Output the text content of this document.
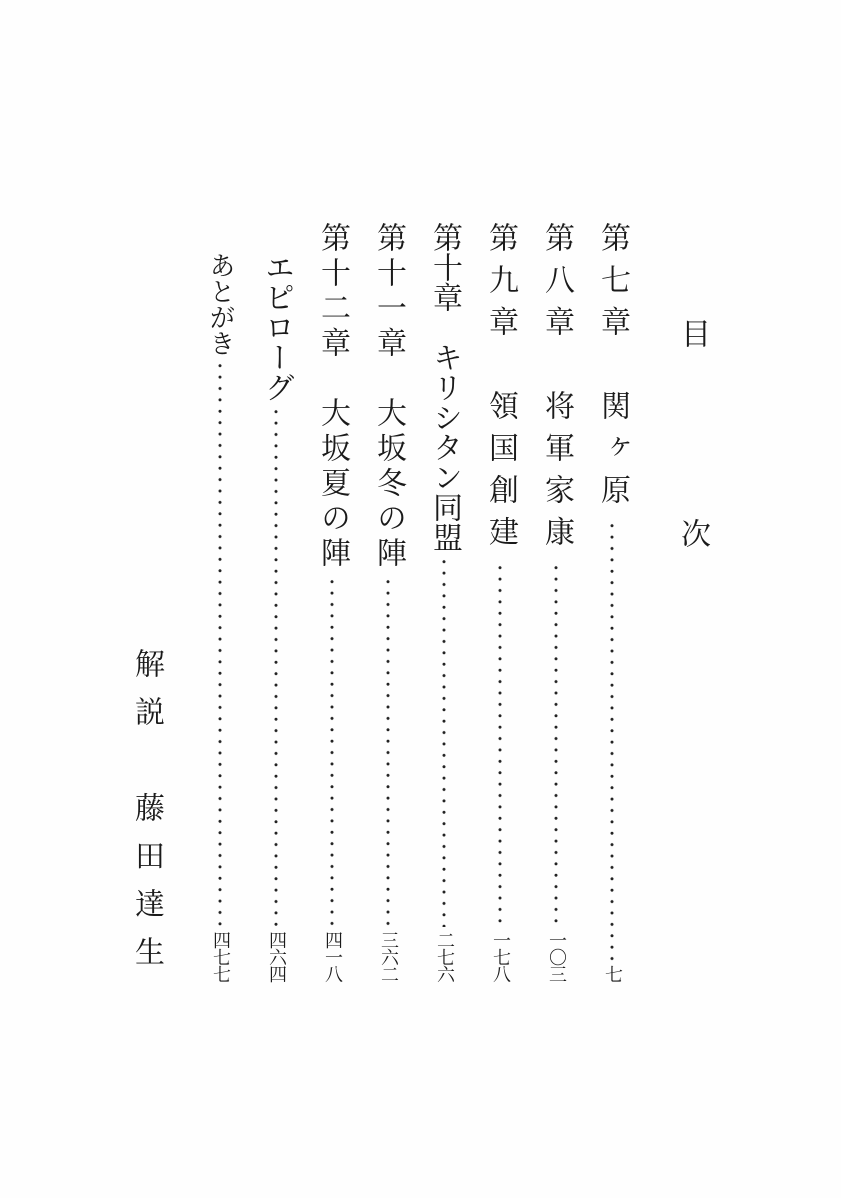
目　次
第七章　関ヶ原
七
第八章　将軍家康
一〇三
第九章　領国創建
一七八
第十章　キリシタン同盟
二七六
第十一章　大坂冬の陣
三六二
第十二章　大坂夏の陣
四一八
エピローグ
四六四
あとがき
四七七
解説　藤田達生
